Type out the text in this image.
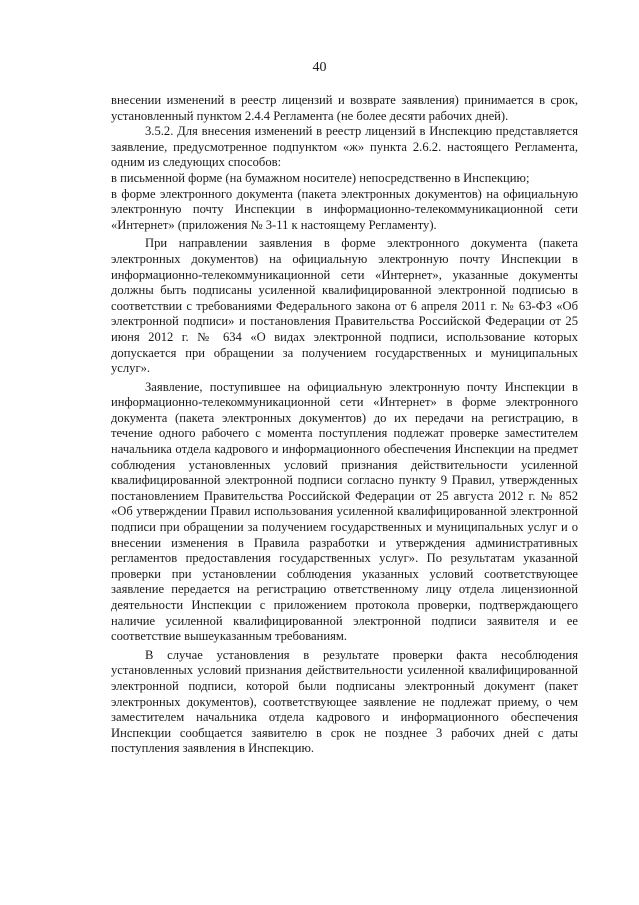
40

внесении изменений в реестр лицензий и возврате заявления) принимается в срок, установленный пунктом 2.4.4 Регламента (не более десяти рабочих дней).

3.5.2. Для внесения изменений в реестр лицензий в Инспекцию представляется заявление, предусмотренное подпунктом «ж» пункта 2.6.2. настоящего Регламента, одним из следующих способов:

в письменной форме (на бумажном носителе) непосредственно в Инспекцию;

в форме электронного документа (пакета электронных документов) на официальную электронную почту Инспекции в информационно-телекоммуникационной сети «Интернет» (приложения № 3-11 к настоящему Регламенту).

При направлении заявления в форме электронного документа (пакета электронных документов) на официальную электронную почту Инспекции в информационно-телекоммуникационной сети «Интернет», указанные документы должны быть подписаны усиленной квалифицированной электронной подписью в соответствии с требованиями Федерального закона от 6 апреля 2011 г. № 63-ФЗ «Об электронной подписи» и постановления Правительства Российской Федерации от 25 июня 2012 г. № 634 «О видах электронной подписи, использование которых допускается при обращении за получением государственных и муниципальных услуг».

Заявление, поступившее на официальную электронную почту Инспекции в информационно-телекоммуникационной сети «Интернет» в форме электронного документа (пакета электронных документов) до их передачи на регистрацию, в течение одного рабочего с момента поступления подлежат проверке заместителем начальника отдела кадрового и информационного обеспечения Инспекции на предмет соблюдения установленных условий признания действительности усиленной квалифицированной электронной подписи согласно пункту 9 Правил, утвержденных постановлением Правительства Российской Федерации от 25 августа 2012 г. № 852 «Об утверждении Правил использования усиленной квалифицированной электронной подписи при обращении за получением государственных и муниципальных услуг и о внесении изменения в Правила разработки и утверждения административных регламентов предоставления государственных услуг». По результатам указанной проверки при установлении соблюдения указанных условий соответствующее заявление передается на регистрацию ответственному лицу отдела лицензионной деятельности Инспекции с приложением протокола проверки, подтверждающего наличие усиленной квалифицированной электронной подписи заявителя и ее соответствие вышеуказанным требованиям.

В случае установления в результате проверки факта несоблюдения установленных условий признания действительности усиленной квалифицированной электронной подписи, которой были подписаны электронный документ (пакет электронных документов), соответствующее заявление не подлежат приему, о чем заместителем начальника отдела кадрового и информационного обеспечения Инспекции сообщается заявителю в срок не позднее 3 рабочих дней с даты поступления заявления в Инспекцию.
